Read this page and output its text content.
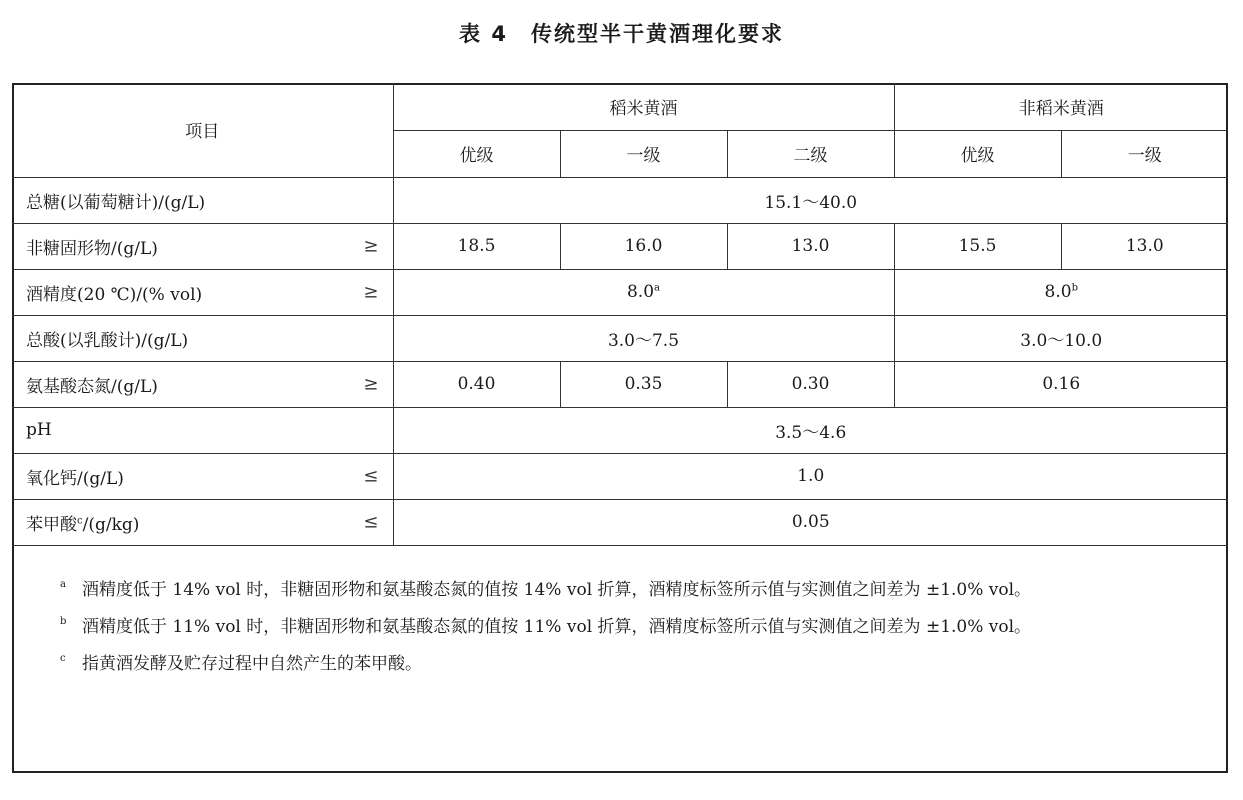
表 4　传统型半干黄酒理化要求
项目	稻米黄酒			非稻米黄酒	
	优级	一级	二级	优级	一级
总糖(以葡萄糖计)/(g/L)	15.1～40.0				
非糖固形物/(g/L) ≥	18.5	16.0	13.0	15.5	13.0
酒精度(20 ℃)/(% vol) ≥	8.0$^a$			8.0$^b$
总酸(以乳酸计)/(g/L)	3.0～7.5			3.0～10.0	
氨基酸态氮/(g/L) ≥	0.40	0.35	0.30	0.16	
pH	3.5～4.6				
氧化钙/(g/L) ≤	1.0				
苯甲酸$^c$/(g/kg) ≤	0.05				
a 酒精度低于 14% vol 时，非糖固形物和氨基酸态氮的值按 14% vol 折算，酒精度标签所示值与实测值之间差为 ±1.0% vol。
b 酒精度低于 11% vol 时，非糖固形物和氨基酸态氮的值按 11% vol 折算，酒精度标签所示值与实测值之间差为 ±1.0% vol。
c 指黄酒发酵及贮存过程中自然产生的苯甲酸。
